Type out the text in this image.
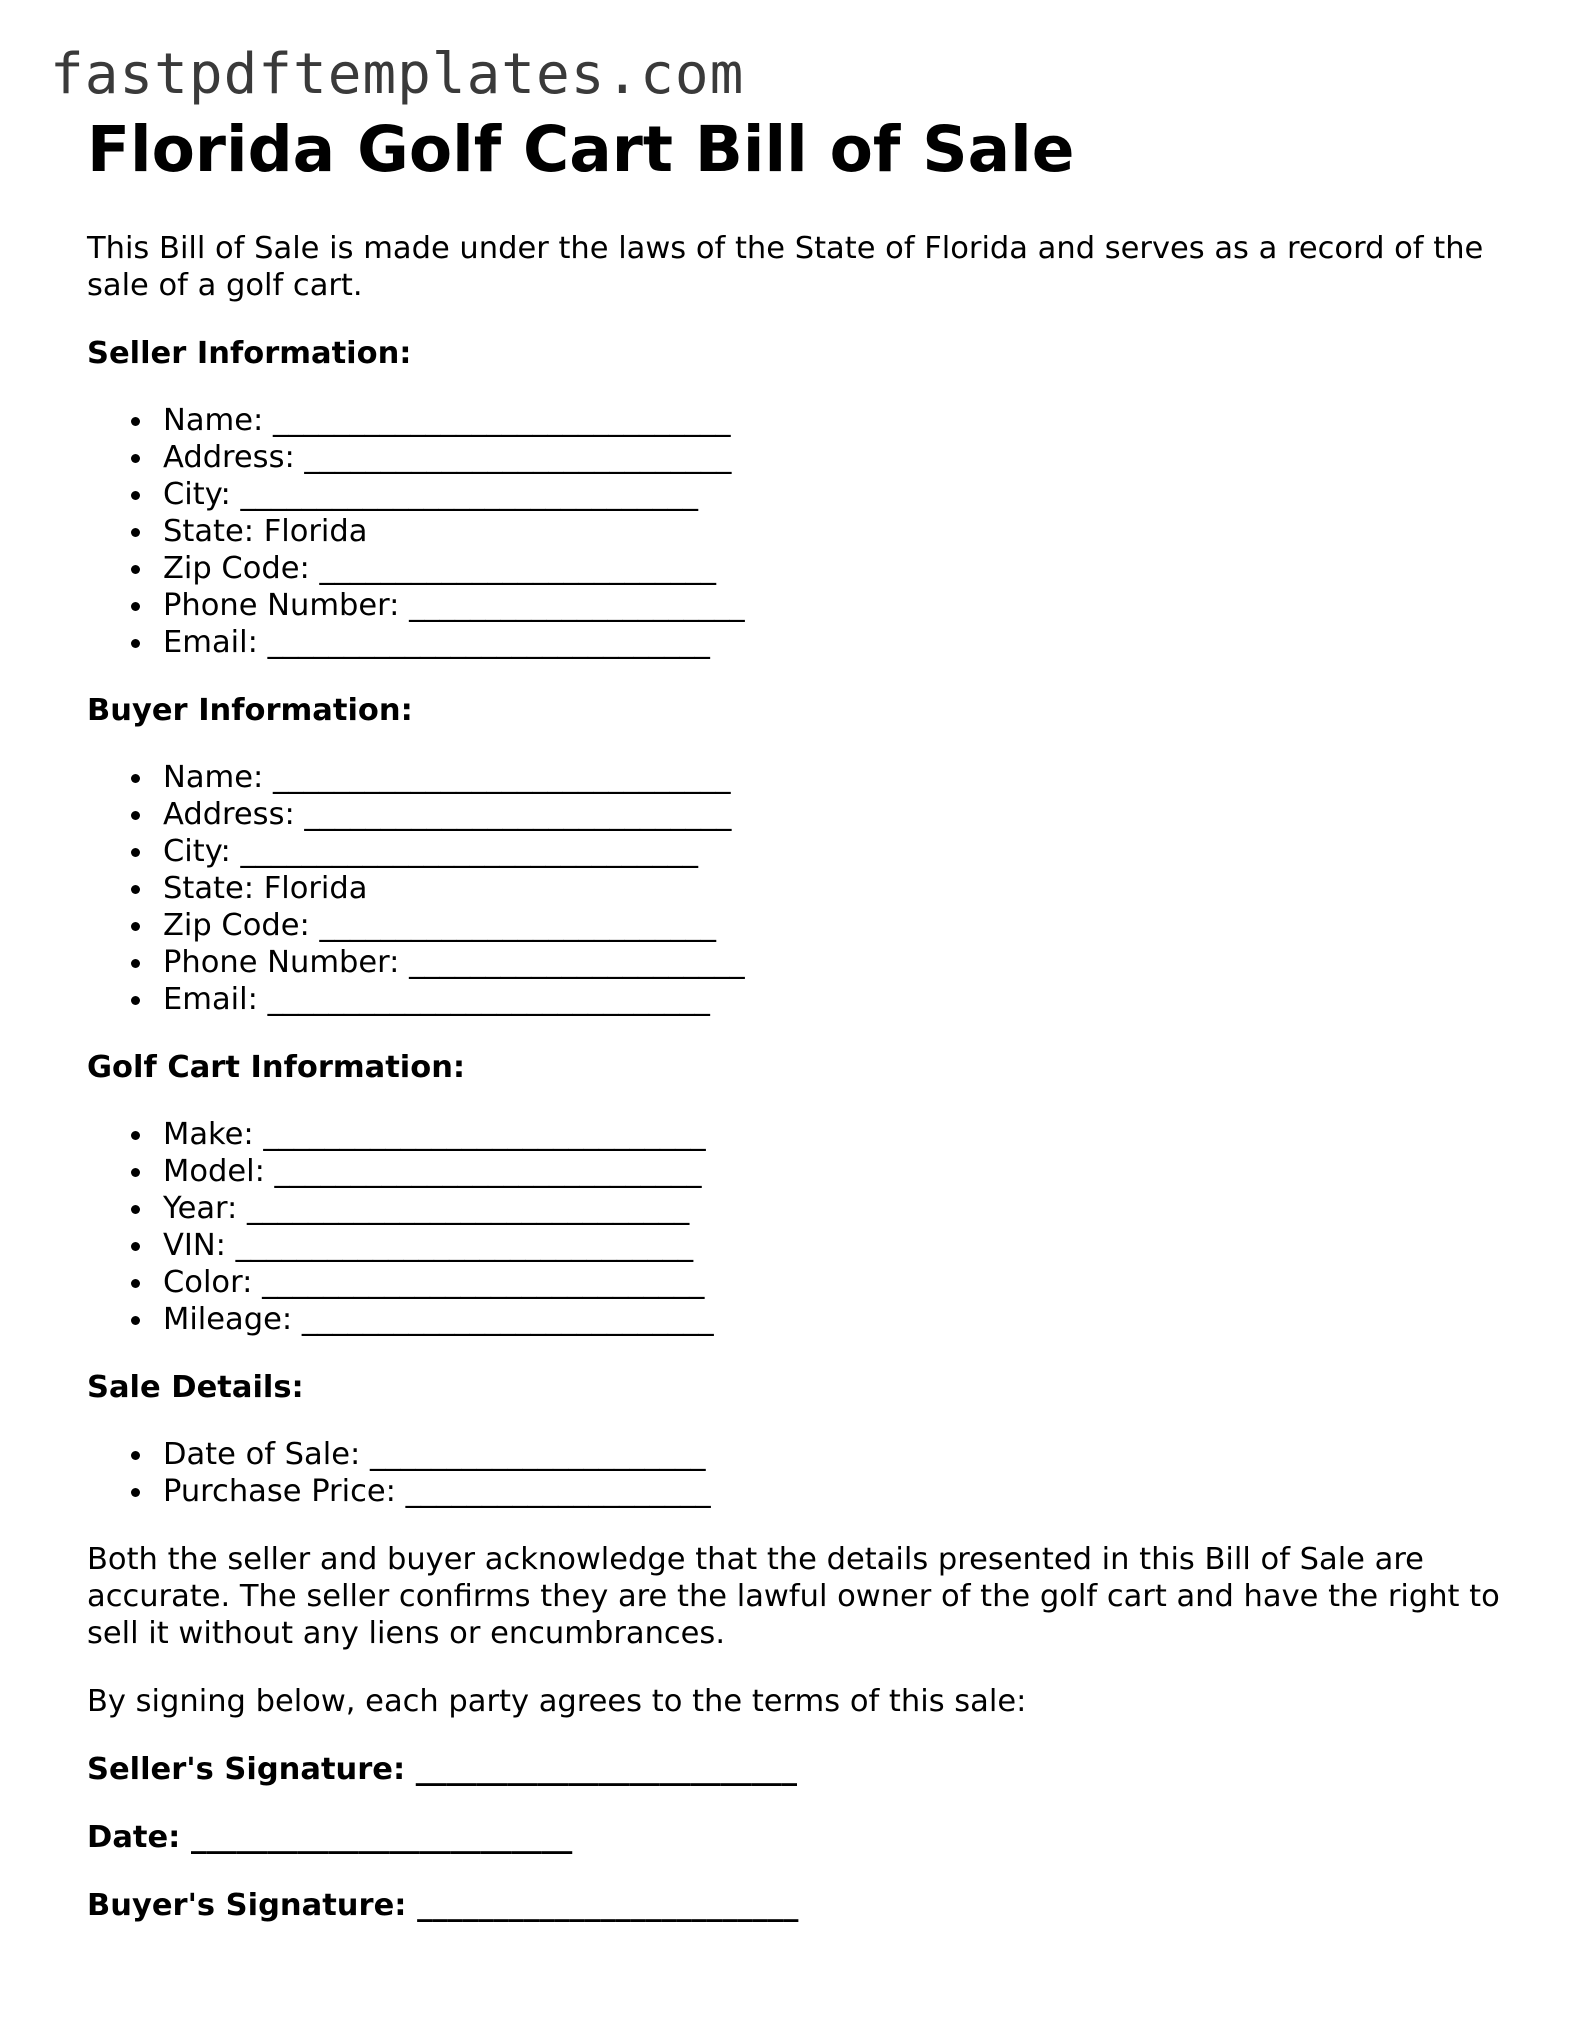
fastpdftemplates.com
Florida Golf Cart Bill of Sale

This Bill of Sale is made under the laws of the State of Florida and serves as a record of the sale of a golf cart.

Seller Information:
Name: ______________________________
Address: ____________________________
City: ______________________________
State: Florida
Zip Code: __________________________
Phone Number: ______________________
Email: _____________________________
Buyer Information:
Name: ______________________________
Address: ____________________________
City: ______________________________
State: Florida
Zip Code: __________________________
Phone Number: ______________________
Email: _____________________________
Golf Cart Information:
Make: _____________________________
Model: ____________________________
Year: _____________________________
VIN: ______________________________
Color: _____________________________
Mileage: ___________________________
Sale Details:
Date of Sale: ______________________
Purchase Price: ____________________

Both the seller and buyer acknowledge that the details presented in this Bill of Sale are accurate. The seller confirms they are the lawful owner of the golf cart and have the right to sell it without any liens or encumbrances.

By signing below, each party agrees to the terms of this sale:

Seller's Signature: _________________________
Date: _________________________
Buyer's Signature: _________________________
